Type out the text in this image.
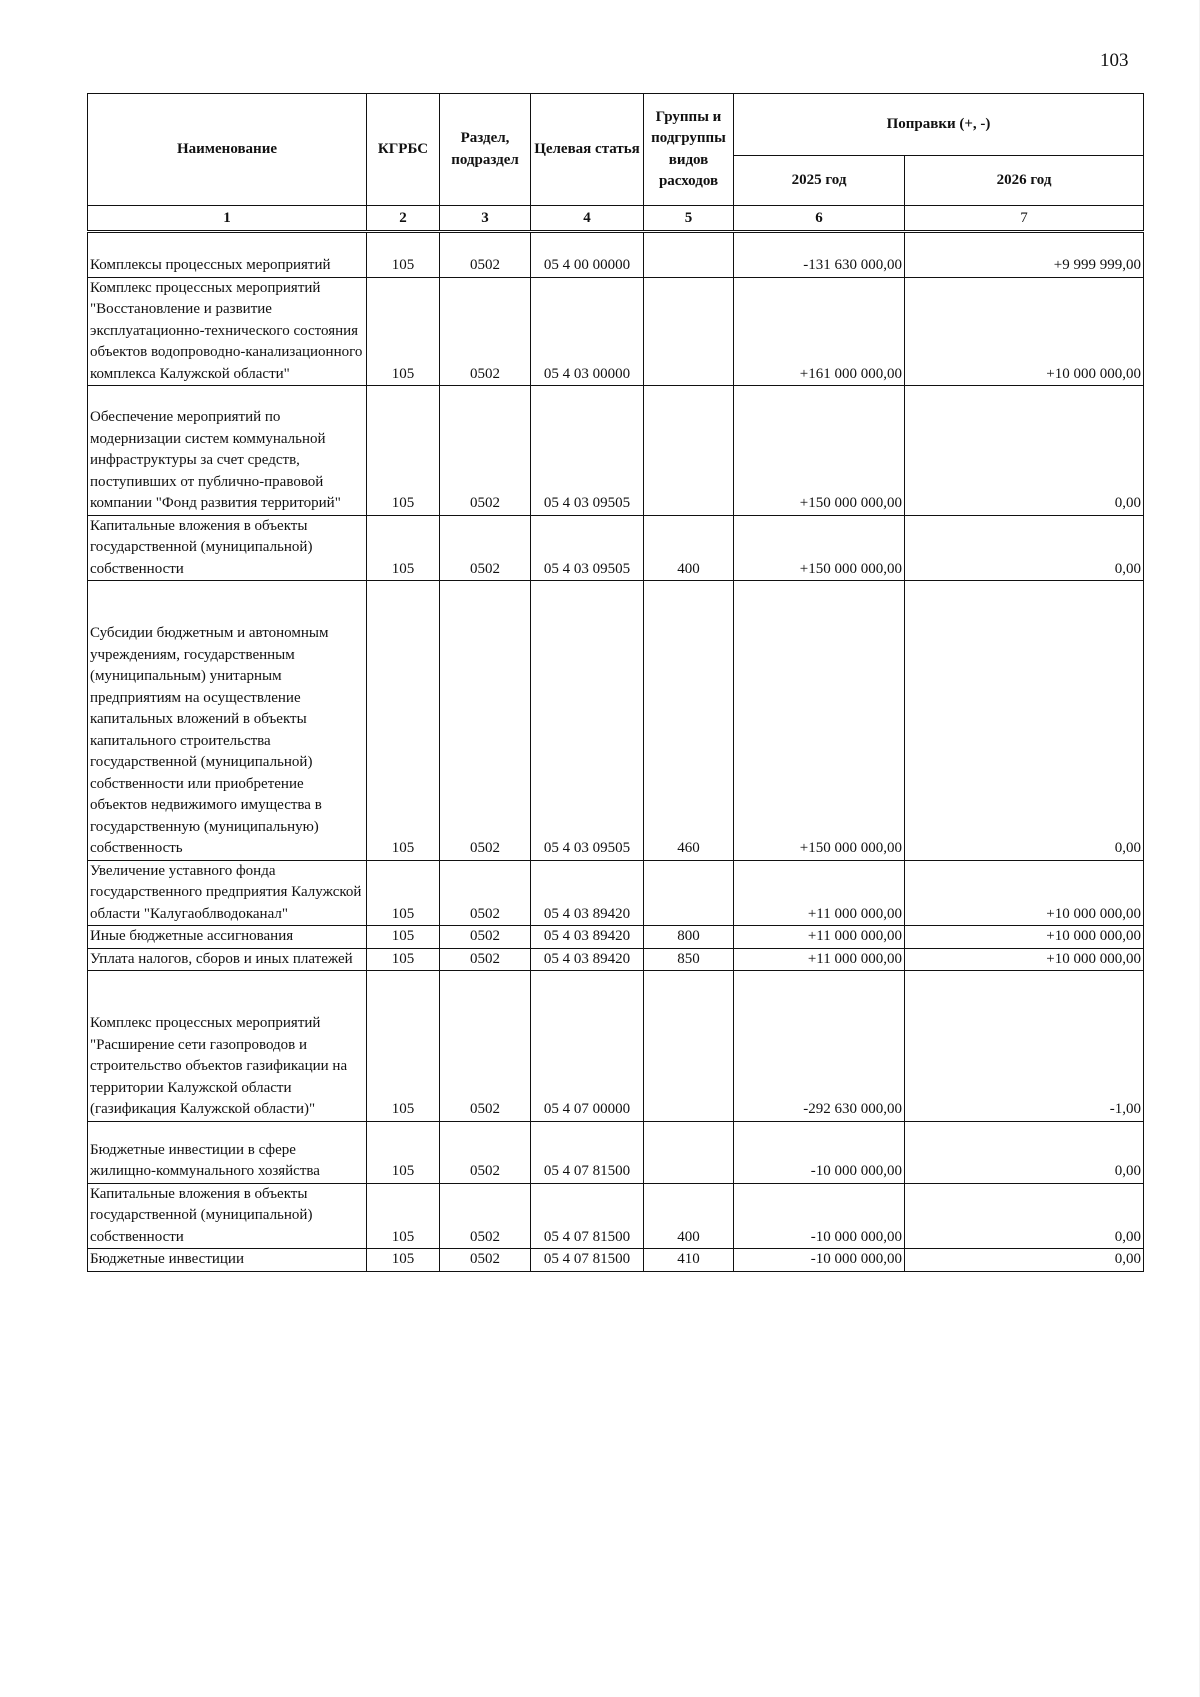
103
Наименование	КГРБС	Раздел, подраздел	Целевая статья	Группы и подгруппы видов расходов	Поправки (+, -)	
					2025 год	2026 год
1	2	3	4	5	6	7
Комплексы процессных мероприятий	105	0502	05 4 00 00000		-131 630 000,00	+9 999 999,00
Комплекс процессных мероприятий "Восстановление и развитие эксплуатационно-технического состояния объектов водопроводно-канализационного комплекса Калужской области"	105	0502	05 4 03 00000		+161 000 000,00	+10 000 000,00
Обеспечение мероприятий по модернизации систем коммунальной инфраструктуры за счет средств, поступивших от публично-правовой компании "Фонд развития территорий"	105	0502	05 4 03 09505		+150 000 000,00	0,00
Капитальные вложения в объекты государственной (муниципальной) собственности	105	0502	05 4 03 09505	400	+150 000 000,00	0,00
Субсидии бюджетным и автономным учреждениям, государственным (муниципальным) унитарным предприятиям на осуществление капитальных вложений в объекты капитального строительства государственной (муниципальной) собственности или приобретение объектов недвижимого имущества в государственную (муниципальную) собственность	105	0502	05 4 03 09505	460	+150 000 000,00	0,00
Увеличение уставного фонда государственного предприятия Калужской области "Калугаоблводоканал"	105	0502	05 4 03 89420		+11 000 000,00	+10 000 000,00
Иные бюджетные ассигнования	105	0502	05 4 03 89420	800	+11 000 000,00	+10 000 000,00
Уплата налогов, сборов и иных платежей	105	0502	05 4 03 89420	850	+11 000 000,00	+10 000 000,00
Комплекс процессных мероприятий "Расширение сети газопроводов и строительство объектов газификации на территории Калужской области (газификация Калужской области)"	105	0502	05 4 07 00000		-292 630 000,00	-1,00
Бюджетные инвестиции в сфере жилищно-коммунального хозяйства	105	0502	05 4 07 81500		-10 000 000,00	0,00
Капитальные вложения в объекты государственной (муниципальной) собственности	105	0502	05 4 07 81500	400	-10 000 000,00	0,00
Бюджетные инвестиции	105	0502	05 4 07 81500	410	-10 000 000,00	0,00
